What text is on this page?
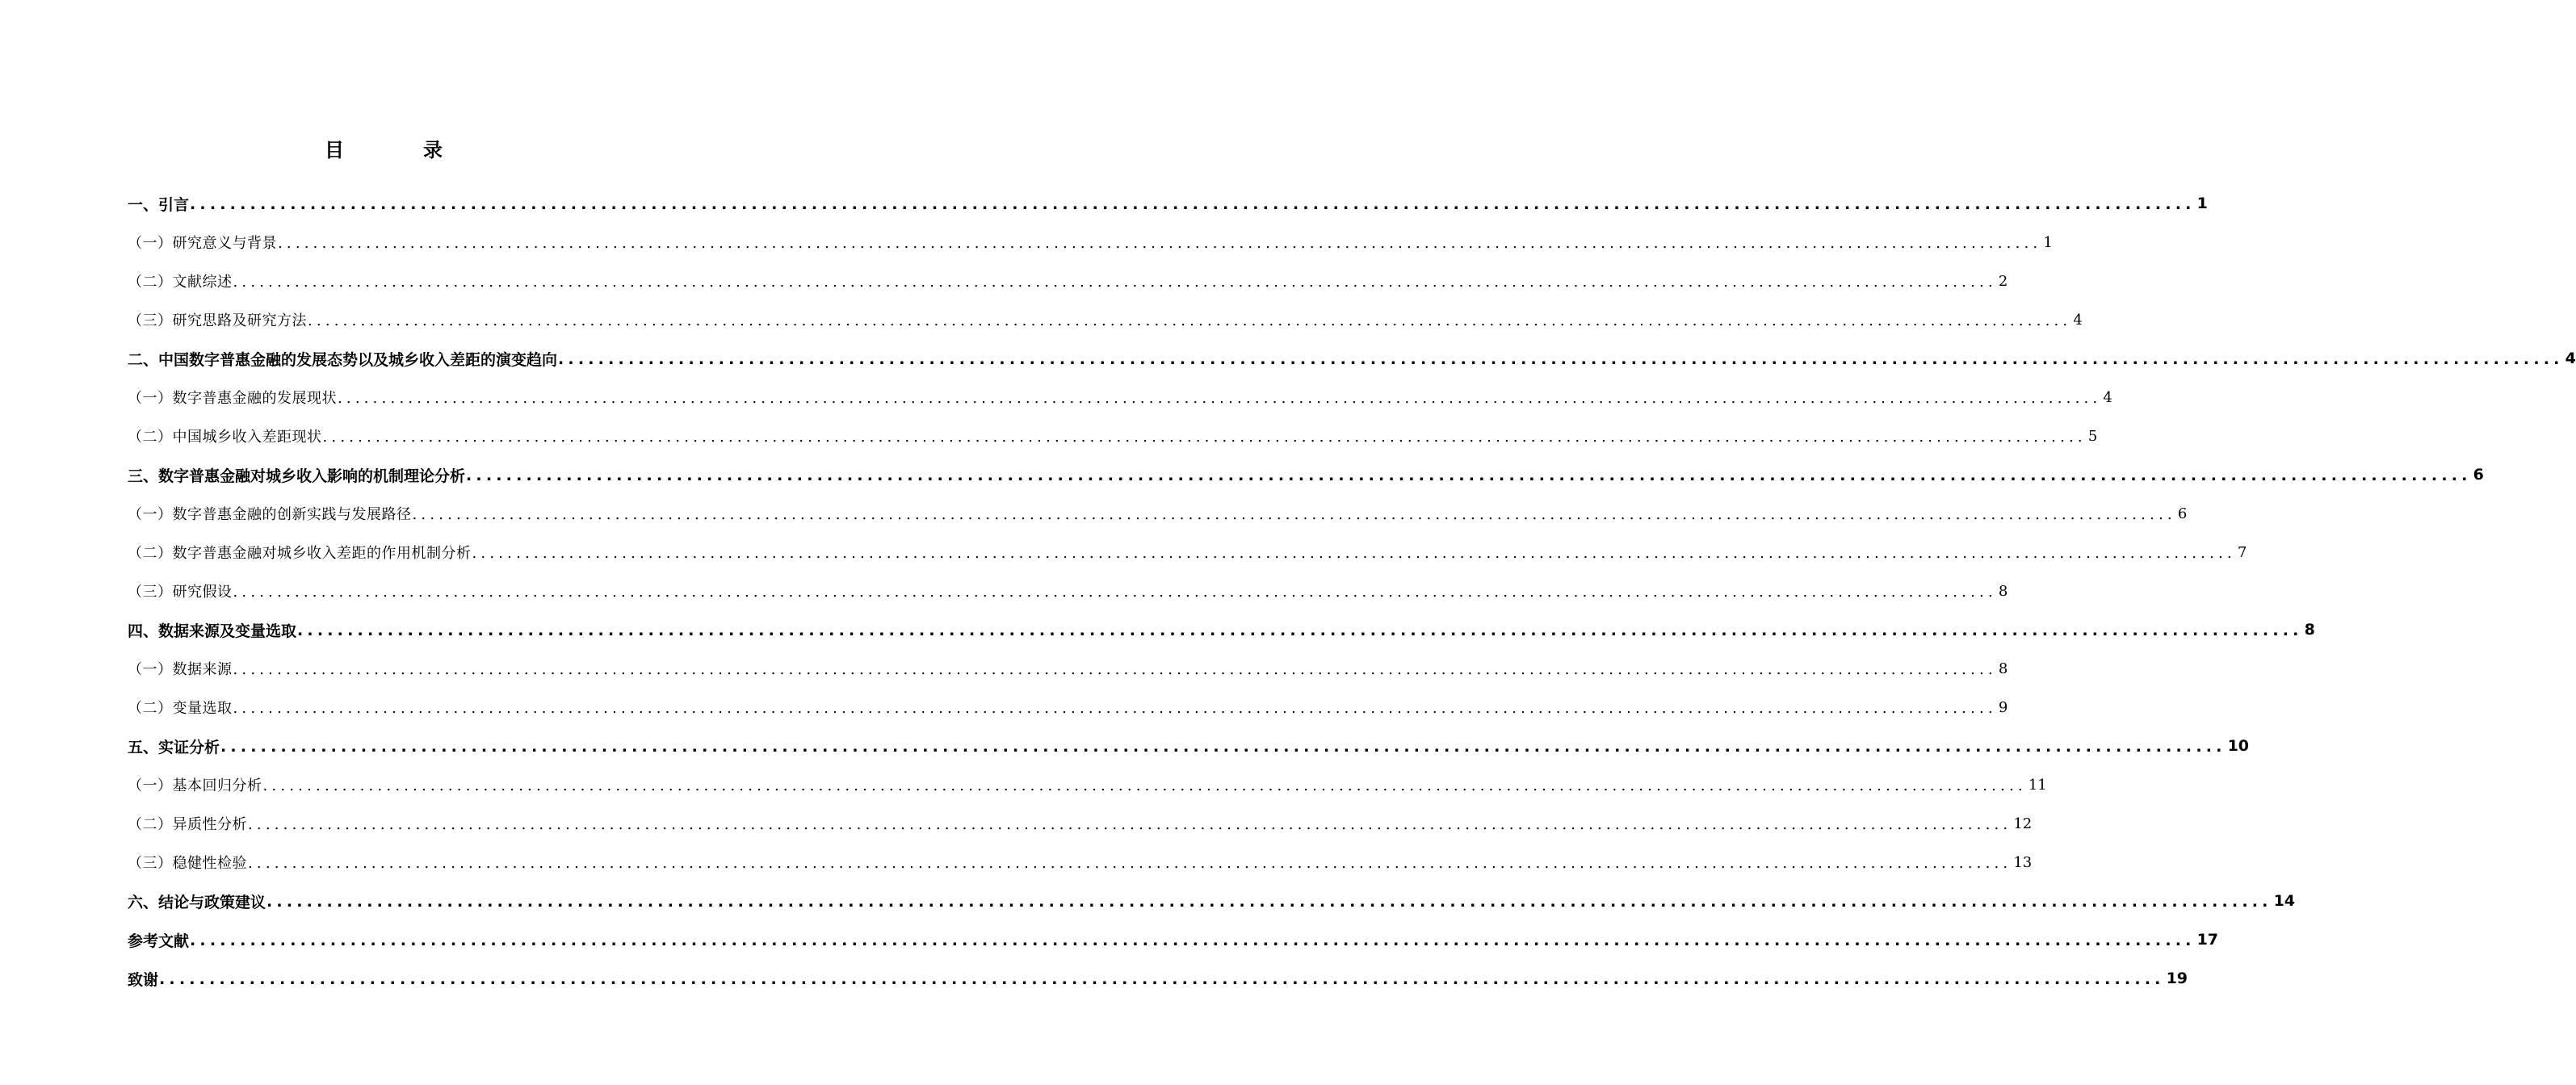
目	录
一、引言 ........................................................................................................................................................................................................ 1
（一）研究意义与背景 ........................................................................................................................................................................................................ 1
（二）文献综述 ........................................................................................................................................................................................................ 2
（三）研究思路及研究方法 ........................................................................................................................................................................................................ 4
二、中国数字普惠金融的发展态势以及城乡收入差距的演变趋向 ........................................................................................................................................................................................................ 4
（一）数字普惠金融的发展现状 ........................................................................................................................................................................................................ 4
（二）中国城乡收入差距现状 ........................................................................................................................................................................................................ 5
三、数字普惠金融对城乡收入影响的机制理论分析 ........................................................................................................................................................................................................ 6
（一）数字普惠金融的创新实践与发展路径 ........................................................................................................................................................................................................ 6
（二）数字普惠金融对城乡收入差距的作用机制分析 ........................................................................................................................................................................................................ 7
（三）研究假设 ........................................................................................................................................................................................................ 8
四、数据来源及变量选取 ........................................................................................................................................................................................................ 8
（一）数据来源 ........................................................................................................................................................................................................ 8
（二）变量选取 ........................................................................................................................................................................................................ 9
五、实证分析 ........................................................................................................................................................................................................ 10
（一）基本回归分析 ........................................................................................................................................................................................................ 11
（二）异质性分析 ........................................................................................................................................................................................................ 12
（三）稳健性检验 ........................................................................................................................................................................................................ 13
六、结论与政策建议 ........................................................................................................................................................................................................ 14
参考文献 ........................................................................................................................................................................................................ 17
致谢 ........................................................................................................................................................................................................ 19
